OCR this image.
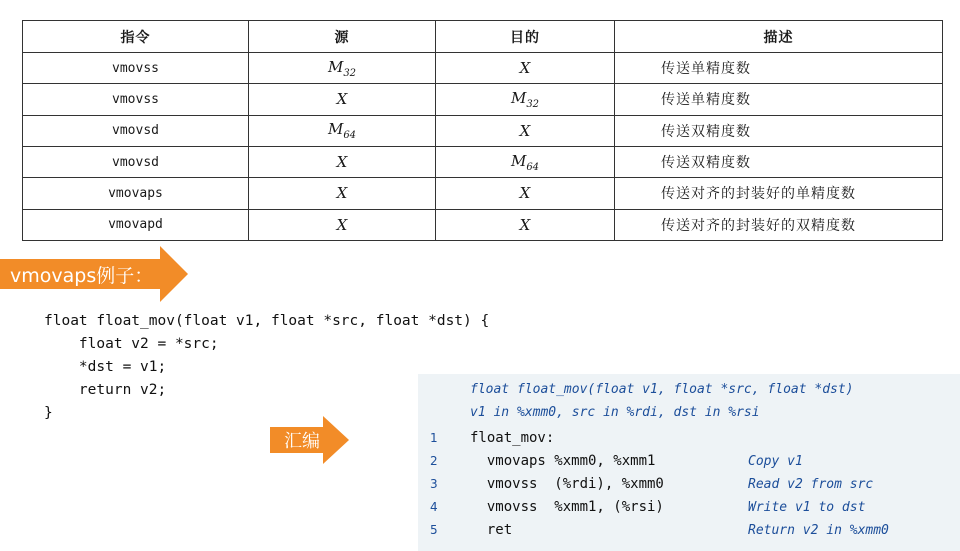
指令	源	目的	描述
vmovss	$M_{32}$	X	传送单精度数
vmovss	X	$M_{32}$	传送单精度数
vmovsd	$M_{64}$	X	传送双精度数
vmovsd	X	$M_{64}$	传送双精度数
vmovaps	X	X	传送对齐的封装好的单精度数
vmovapd	X	X	传送对齐的封装好的双精度数
vmovaps例子：
float float_mov(float v1, float *src, float *dst) {
float v2 = *src;
*dst = v1;
return v2;
}
汇编
float float_mov(float v1, float *src, float *dst)
v1 in %xmm0, src in %rdi, dst in %rsi
1	float_mov:
2	vmovaps %xmm0, %xmm1	Copy v1
3	vmovss  (%rdi), %xmm0	Read v2 from src
4	vmovss  %xmm1, (%rsi)	Write v1 to dst
5	ret	Return v2 in %xmm0
